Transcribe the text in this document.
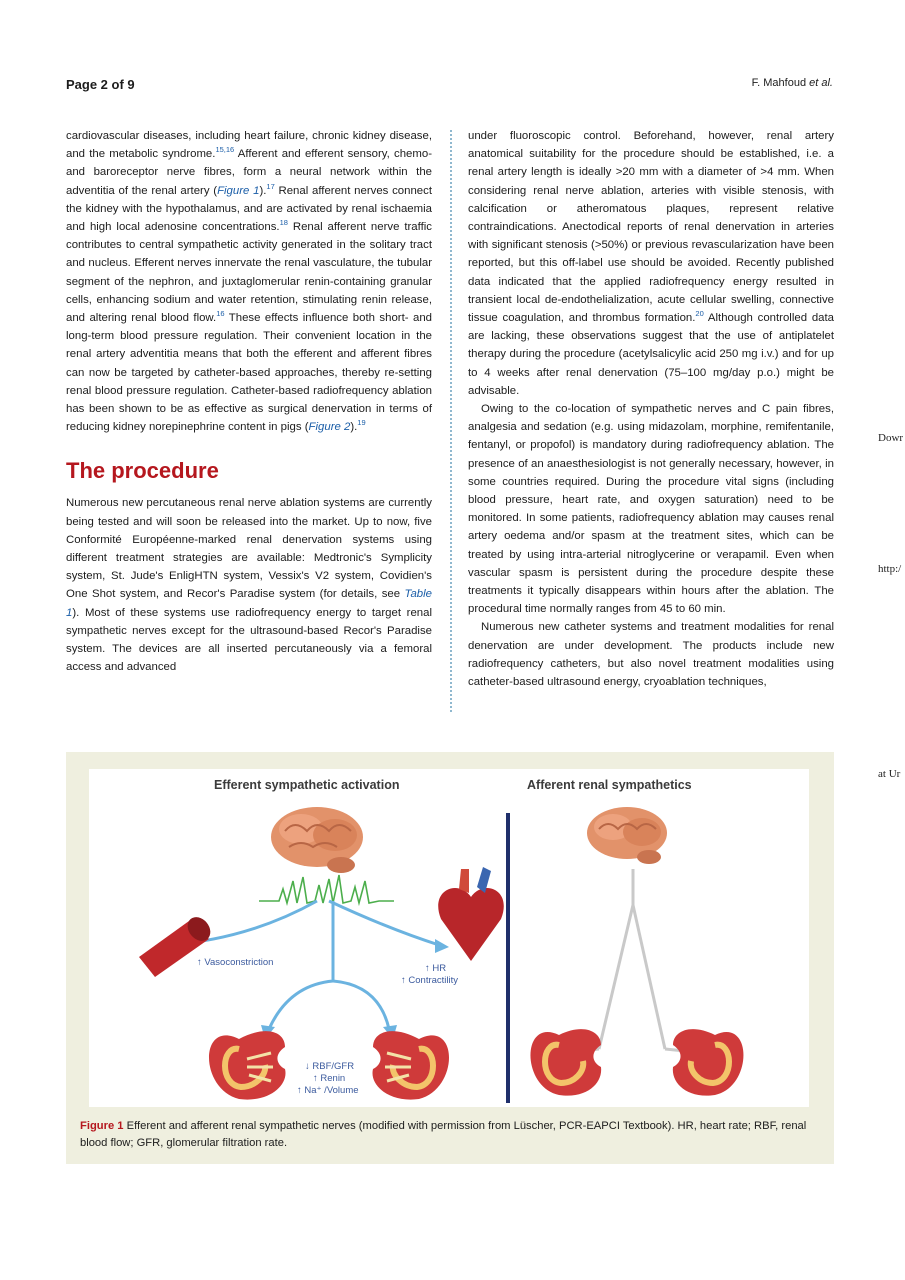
Page 2 of 9	F. Mahfoud et al.

cardiovascular diseases, including heart failure, chronic kidney disease, and the metabolic syndrome.$^{15,16}$ Afferent and efferent sensory, chemo- and baroreceptor nerve fibres, form a neural network within the adventitia of the renal artery (Figure 1).$^{17}$ Renal afferent nerves connect the kidney with the hypothalamus, and are activated by renal ischaemia and high local adenosine concentrations.$^{18}$ Renal afferent nerve traffic contributes to central sympathetic activity generated in the solitary tract and nucleus. Efferent nerves innervate the renal vasculature, the tubular segment of the nephron, and juxtaglomerular renin-containing granular cells, enhancing sodium and water retention, stimulating renin release, and altering renal blood flow.$^{16}$ These effects influence both short- and long-term blood pressure regulation. Their convenient location in the renal artery adventitia means that both the efferent and afferent fibres can now be targeted by catheter-based approaches, thereby re-setting renal blood pressure regulation. Catheter-based radiofrequency ablation has been shown to be as effective as surgical denervation in terms of reducing kidney norepinephrine content in pigs (Figure 2).$^{19}$

The procedure

Numerous new percutaneous renal nerve ablation systems are currently being tested and will soon be released into the market. Up to now, five Conformité Européenne-marked renal denervation systems using different treatment strategies are available: Medtronic's Symplicity system, St. Jude's EnligHTN system, Vessix's V2 system, Covidien's One Shot system, and Recor's Paradise system (for details, see Table 1). Most of these systems use radiofrequency energy to target renal sympathetic nerves except for the ultrasound-based Recor's Paradise system. The devices are all inserted percutaneously via a femoral access and advanced

under fluoroscopic control. Beforehand, however, renal artery anatomical suitability for the procedure should be established, i.e. a renal artery length is ideally >20 mm with a diameter of >4 mm. When considering renal nerve ablation, arteries with visible stenosis, with calcification or atheromatous plaques, represent relative contraindications. Anectodical reports of renal denervation in arteries with significant stenosis (>50%) or previous revascularization have been reported, but this off-label use should be avoided. Recently published data indicated that the applied radiofrequency energy resulted in transient local de-endothelialization, acute cellular swelling, connective tissue coagulation, and thrombus formation.$^{20}$ Although controlled data are lacking, these observations suggest that the use of antiplatelet therapy during the procedure (acetylsalicylic acid 250 mg i.v.) and for up to 4 weeks after renal denervation (75–100 mg/day p.o.) might be advisable.

Owing to the co-location of sympathetic nerves and C pain fibres, analgesia and sedation (e.g. using midazolam, morphine, remifentanile, fentanyl, or propofol) is mandatory during radiofrequency ablation. The presence of an anaesthesiologist is not generally necessary, however, in some countries required. During the procedure vital signs (including blood pressure, heart rate, and oxygen saturation) need to be monitored. In some patients, radiofrequency ablation may causes renal artery oedema and/or spasm at the treatment sites, which can be treated by using intra-arterial nitroglycerine or verapamil. Even when vascular spasm is persistent during the procedure despite these treatments it typically disappears within hours after the ablation. The procedural time normally ranges from 45 to 60 min.

Numerous new catheter systems and treatment modalities for renal denervation are under development. The products include new radiofrequency catheters, but also novel treatment modalities using catheter-based ultrasound energy, cryoablation techniques,

Dowr
http:/
at Ur
Efferent sympathetic activation	Afferent renal sympathetics
↑ Vasoconstriction
↑ HR
↑ Contractility
↓ RBF/GFR
↑ Renin
↑ Na⁺ /Volume
Figure 1 Efferent and afferent renal sympathetic nerves (modified with permission from Lüscher, PCR-EAPCI Textbook). HR, heart rate; RBF, renal blood flow; GFR, glomerular filtration rate.
